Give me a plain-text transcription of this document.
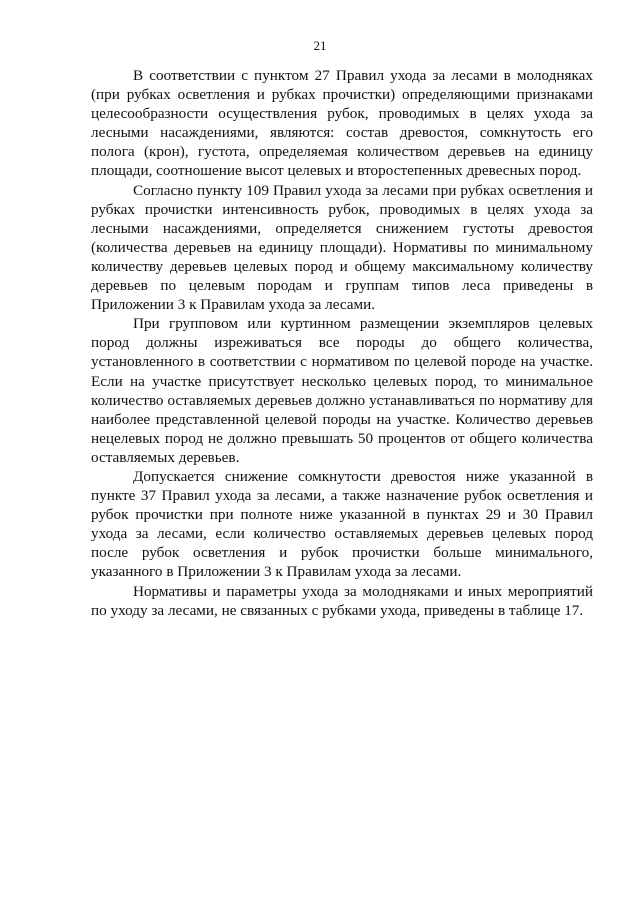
21

В соответствии с пунктом 27 Правил ухода за лесами в молодняках (при рубках осветления и рубках прочистки) определяющими признаками целесообразности осуществления рубок, проводимых в целях ухода за лесными насаждениями, являются: состав древостоя, сомкнутость его полога (крон), густота, определяемая количеством деревьев на единицу площади, соотношение высот целевых и второстепенных древесных пород.

Согласно пункту 109 Правил ухода за лесами при рубках осветления и рубках прочистки интенсивность рубок, проводимых в целях ухода за лесными насаждениями, определяется снижением густоты древостоя (количества деревьев на единицу площади). Нормативы по минимальному количеству деревьев целевых пород и общему максимальному количеству деревьев по целевым породам и группам типов леса приведены в Приложении 3 к Правилам ухода за лесами.

При групповом или куртинном размещении экземпляров целевых пород должны изреживаться все породы до общего количества, установленного в соответствии с нормативом по целевой породе на участке. Если на участке присутствует несколько целевых пород, то минимальное количество оставляемых деревьев должно устанавливаться по нормативу для наиболее представленной целевой породы на участке. Количество деревьев нецелевых пород не должно превышать 50 процентов от общего количества оставляемых деревьев.

Допускается снижение сомкнутости древостоя ниже указанной в пункте 37 Правил ухода за лесами, а также назначение рубок осветления и рубок прочистки при полноте ниже указанной в пунктах 29 и 30 Правил ухода за лесами, если количество оставляемых деревьев целевых пород после рубок осветления и рубок прочистки больше минимального, указанного в Приложении 3 к Правилам ухода за лесами.

Нормативы и параметры ухода за молодняками и иных мероприятий по уходу за лесами, не связанных с рубками ухода, приведены в таблице 17.
